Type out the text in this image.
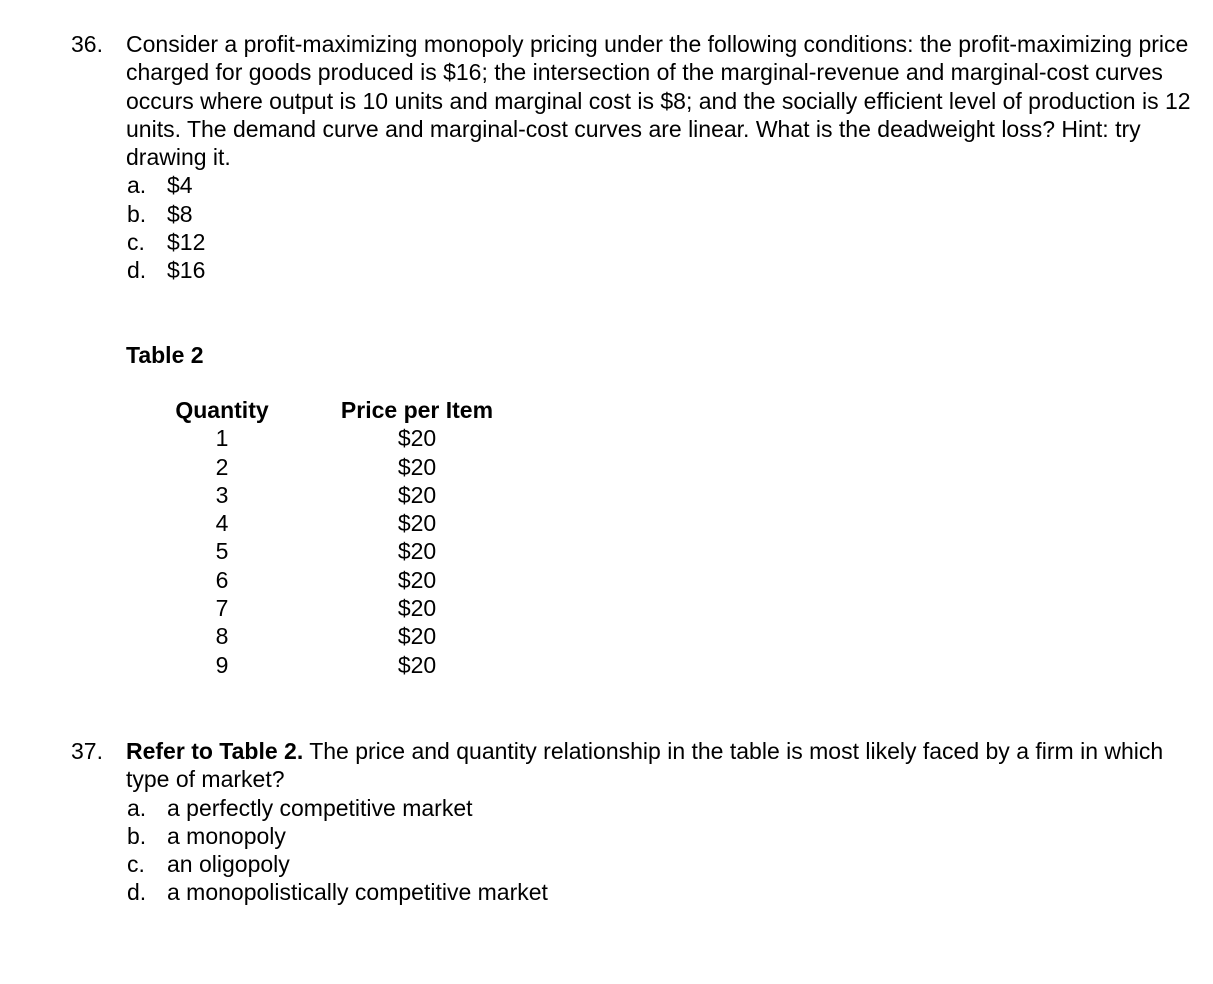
36. Consider a profit-maximizing monopoly pricing under the following conditions: the profit-maximizing price charged for goods produced is $16; the intersection of the marginal-revenue and marginal-cost curves occurs where output is 10 units and marginal cost is $8; and the socially efficient level of production is 12 units. The demand curve and marginal-cost curves are linear. What is the deadweight loss? Hint: try drawing it.
a. $4
b. $8
c. $12
d. $16
Table 2
Quantity
1
2
3
4
5
6
7
8
9
Price per Item
$20
$20
$20
$20
$20
$20
$20
$20
$20
37. Refer to Table 2. The price and quantity relationship in the table is most likely faced by a firm in which type of market?
a. a perfectly competitive market
b. a monopoly
c. an oligopoly
d. a monopolistically competitive market
